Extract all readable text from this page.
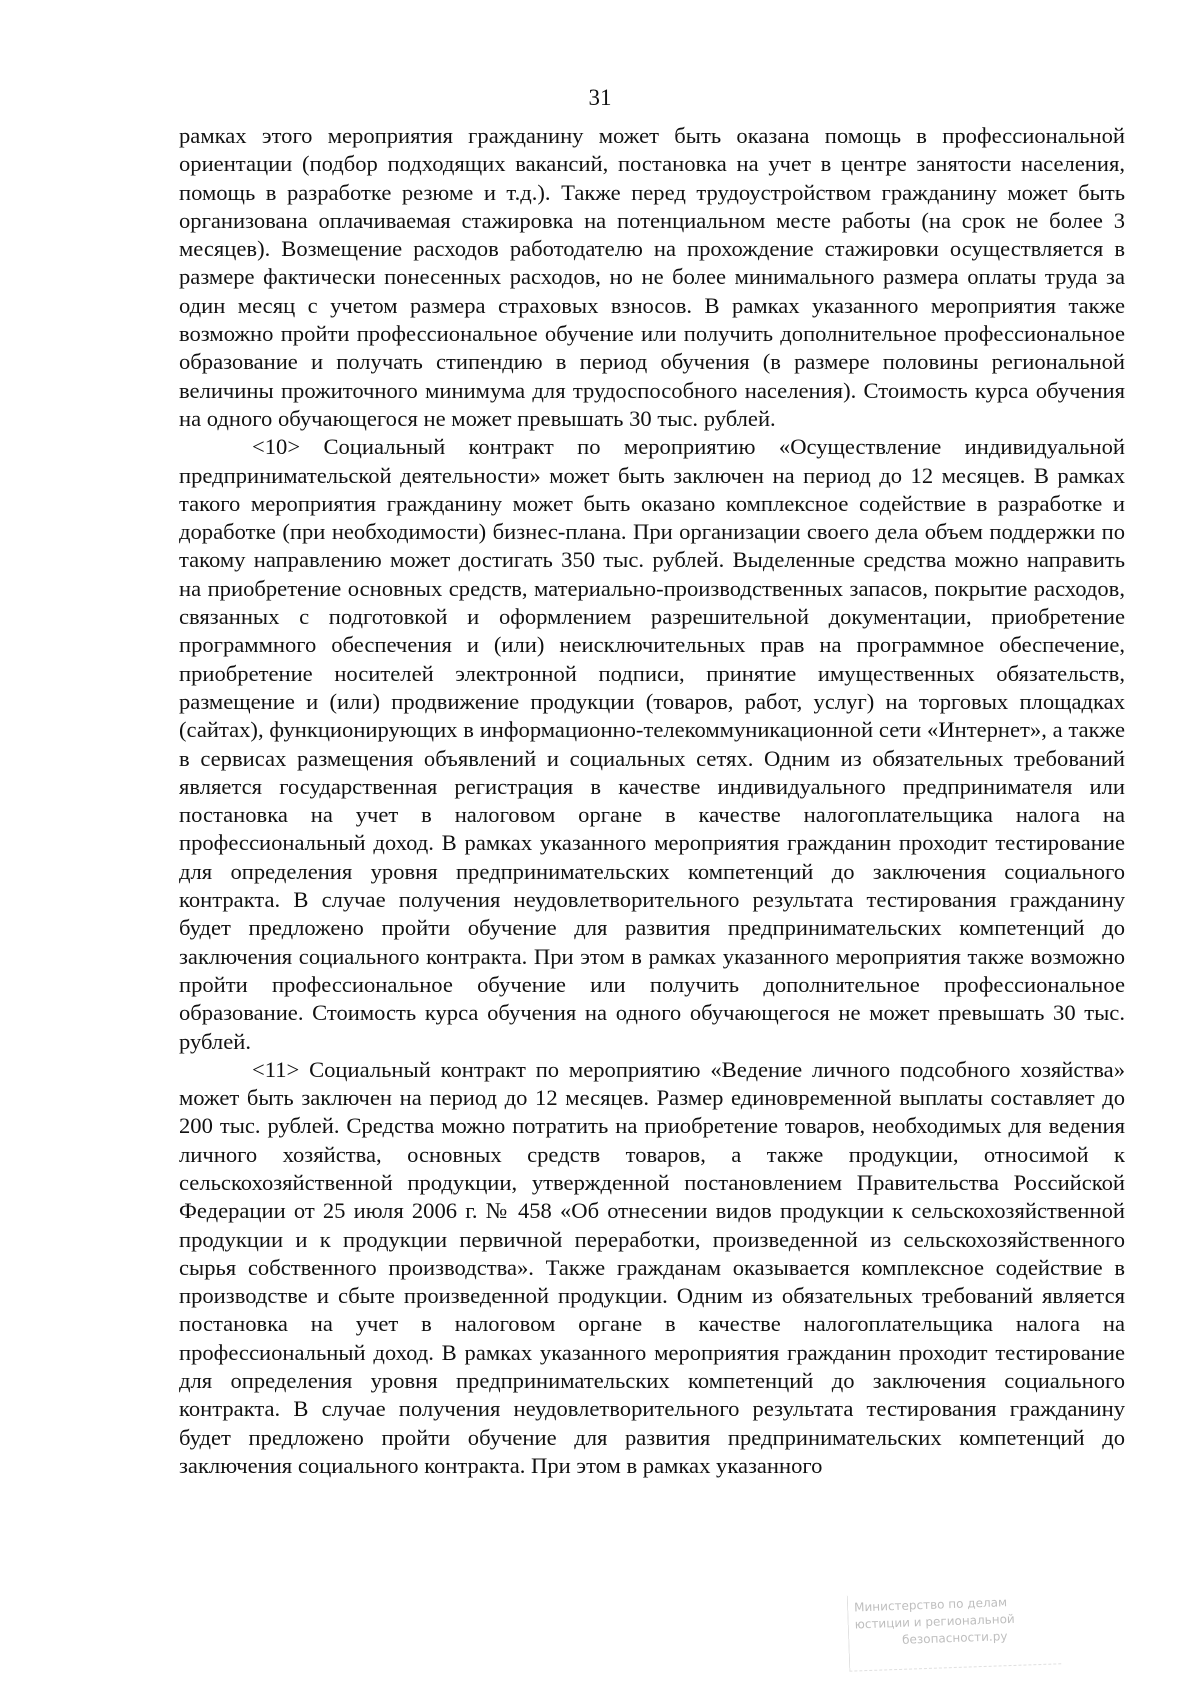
31

рамках этого мероприятия гражданину может быть оказана помощь в профессиональной ориентации (подбор подходящих вакансий, постановка на учет в центре занятости населения, помощь в разработке резюме и т.д.). Также перед трудоустройством гражданину может быть организована оплачиваемая стажировка на потенциальном месте работы (на срок не более 3 месяцев). Возмещение расходов работодателю на прохождение стажировки осуществляется в размере фактически понесенных расходов, но не более минимального размера оплаты труда за один месяц с учетом размера страховых взносов. В рамках указанного мероприятия также возможно пройти профессиональное обучение или получить дополнительное профессиональное образование и получать стипендию в период обучения (в размере половины региональной величины прожиточного минимума для трудоспособного населения). Стоимость курса обучения на одного обучающегося не может превышать 30 тыс. рублей.

<10> Социальный контракт по мероприятию «Осуществление индивидуальной предпринимательской деятельности» может быть заключен на период до 12 месяцев. В рамках такого мероприятия гражданину может быть оказано комплексное содействие в разработке и доработке (при необходимости) бизнес-плана. При организации своего дела объем поддержки по такому направлению может достигать 350 тыс. рублей. Выделенные средства можно направить на приобретение основных средств, материально-производственных запасов, покрытие расходов, связанных с подготовкой и оформлением разрешительной документации, приобретение программного обеспечения и (или) неисключительных прав на программное обеспечение, приобретение носителей электронной подписи, принятие имущественных обязательств, размещение и (или) продвижение продукции (товаров, работ, услуг) на торговых площадках (сайтах), функционирующих в информационно-телекоммуникационной сети «Интернет», а также в сервисах размещения объявлений и социальных сетях. Одним из обязательных требований является государственная регистрация в качестве индивидуального предпринимателя или постановка на учет в налоговом органе в качестве налогоплательщика налога на профессиональный доход. В рамках указанного мероприятия гражданин проходит тестирование для определения уровня предпринимательских компетенций до заключения социального контракта. В случае получения неудовлетворительного результата тестирования гражданину будет предложено пройти обучение для развития предпринимательских компетенций до заключения социального контракта. При этом в рамках указанного мероприятия также возможно пройти профессиональное обучение или получить дополнительное профессиональное образование. Стоимость курса обучения на одного обучающегося не может превышать 30 тыс. рублей.

<11> Социальный контракт по мероприятию «Ведение личного подсобного хозяйства» может быть заключен на период до 12 месяцев. Размер единовременной выплаты составляет до 200 тыс. рублей. Средства можно потратить на приобретение товаров, необходимых для ведения личного хозяйства, основных средств товаров, а также продукции, относимой к сельскохозяйственной продукции, утвержденной постановлением Правительства Российской Федерации от 25 июля 2006 г. № 458 «Об отнесении видов продукции к сельскохозяйственной продукции и к продукции первичной переработки, произведенной из сельскохозяйственного сырья собственного производства». Также гражданам оказывается комплексное содействие в производстве и сбыте произведенной продукции. Одним из обязательных требований является постановка на учет в налоговом органе в качестве налогоплательщика налога на профессиональный доход. В рамках указанного мероприятия гражданин проходит тестирование для определения уровня предпринимательских компетенций до заключения социального контракта. В случае получения неудовлетворительного результата тестирования гражданину будет предложено пройти обучение для развития предпринимательских компетенций до заключения социального контракта. При этом в рамках указанного

Министерство по делам
юстиции и региональной
безопасности.ру
